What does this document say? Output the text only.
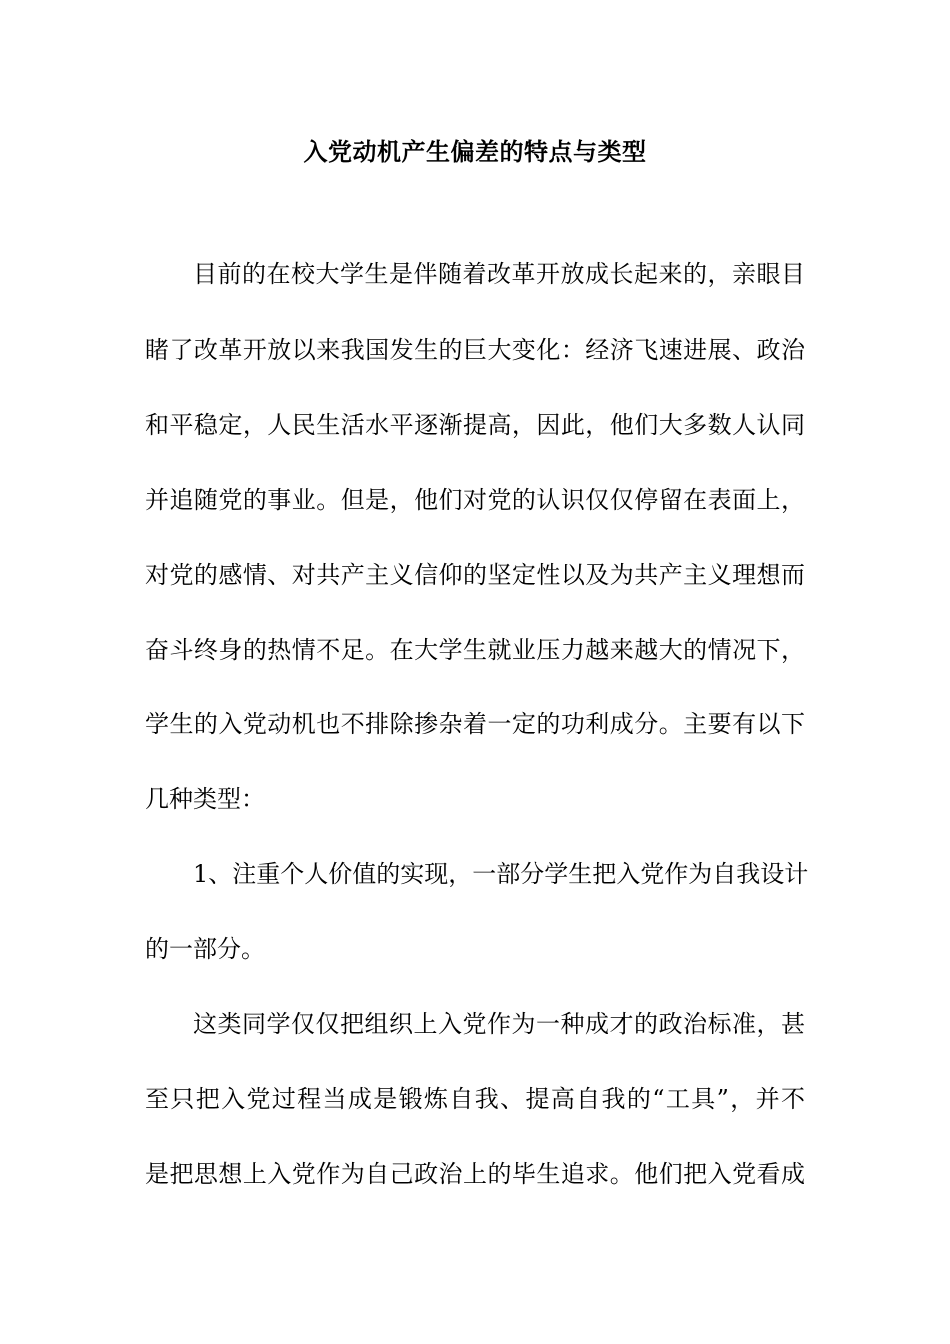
入党动机产生偏差的特点与类型
目前的在校大学生是伴随着改革开放成长起来的，亲眼目
睹了改革开放以来我国发生的巨大变化：经济飞速进展、政治
和平稳定，人民生活水平逐渐提高，因此，他们大多数人认同
并追随党的事业。但是，他们对党的认识仅仅停留在表面上，
对党的感情、对共产主义信仰的坚定性以及为共产主义理想而
奋斗终身的热情不足。在大学生就业压力越来越大的情况下，
学生的入党动机也不排除掺杂着一定的功利成分。主要有以下
几种类型：
1、注重个人价值的实现，一部分学生把入党作为自我设计
的一部分。
这类同学仅仅把组织上入党作为一种成才的政治标准，甚
至只把入党过程当成是锻炼自我、提高自我的“工具”，并不
是把思想上入党作为自己政治上的毕生追求。他们把入党看成
